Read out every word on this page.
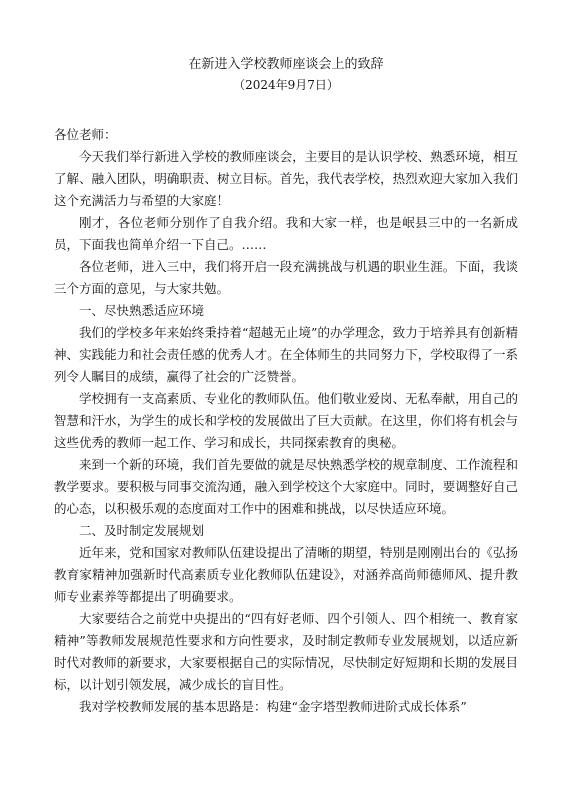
在新进入学校教师座谈会上的致辞

（2024年9月7日）

各位老师：

今天我们举行新进入学校的教师座谈会，主要目的是认识学校、熟悉环境，相互了解、融入团队，明确职责、树立目标。首先，我代表学校，热烈欢迎大家加入我们这个充满活力与希望的大家庭！

刚才，各位老师分别作了自我介绍。我和大家一样，也是岷县三中的一名新成员，下面我也简单介绍一下自己。……

各位老师，进入三中，我们将开启一段充满挑战与机遇的职业生涯。下面，我谈三个方面的意见，与大家共勉。

一、尽快熟悉适应环境

我们的学校多年来始终秉持着“超越无止境”的办学理念，致力于培养具有创新精神、实践能力和社会责任感的优秀人才。在全体师生的共同努力下，学校取得了一系列令人瞩目的成绩，赢得了社会的广泛赞誉。

学校拥有一支高素质、专业化的教师队伍。他们敬业爱岗、无私奉献，用自己的智慧和汗水，为学生的成长和学校的发展做出了巨大贡献。在这里，你们将有机会与这些优秀的教师一起工作、学习和成长，共同探索教育的奥秘。

来到一个新的环境，我们首先要做的就是尽快熟悉学校的规章制度、工作流程和教学要求。要积极与同事交流沟通，融入到学校这个大家庭中。同时，要调整好自己的心态，以积极乐观的态度面对工作中的困难和挑战，以尽快适应环境。

二、及时制定发展规划

近年来，党和国家对教师队伍建设提出了清晰的期望，特别是刚刚出台的《弘扬教育家精神加强新时代高素质专业化教师队伍建设》，对涵养高尚师德师风、提升教师专业素养等都提出了明确要求。

大家要结合之前党中央提出的“四有好老师、四个引领人、四个相统一、教育家精神”等教师发展规范性要求和方向性要求，及时制定教师专业发展规划，以适应新时代对教师的新要求，大家要根据自己的实际情况，尽快制定好短期和长期的发展目标，以计划引领发展，减少成长的盲目性。

我对学校教师发展的基本思路是：构建“金字塔型教师进阶式成长体系”
